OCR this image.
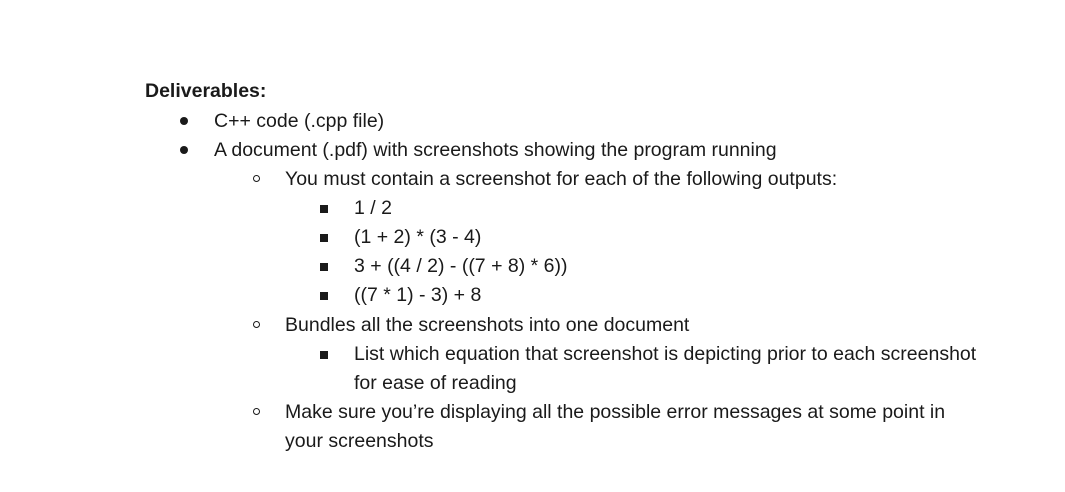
Deliverables:
C++ code (.cpp file)
A document (.pdf) with screenshots showing the program running
You must contain a screenshot for each of the following outputs:
1 / 2
(1 + 2) * (3 - 4)
3 + ((4 / 2) - ((7 + 8) * 6))
((7 * 1) - 3) + 8
Bundles all the screenshots into one document
List which equation that screenshot is depicting prior to each screenshot
for ease of reading
Make sure you’re displaying all the possible error messages at some point in
your screenshots
